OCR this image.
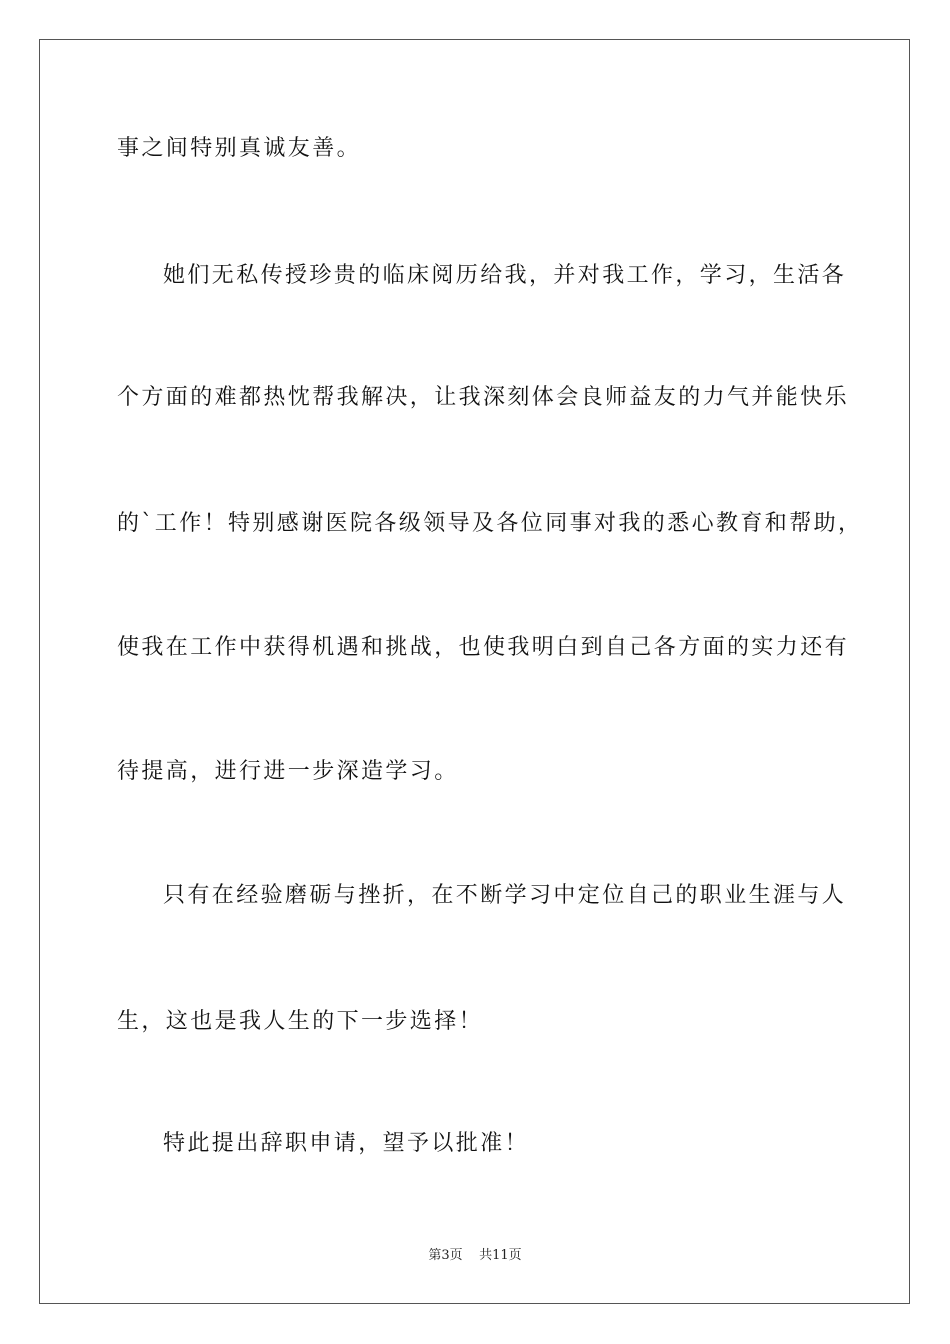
事之间特别真诚友善。
她们无私传授珍贵的临床阅历给我，并对我工作，学习，生活各
个方面的难都热忱帮我解决，让我深刻体会良师益友的力气并能快乐
的`工作！特别感谢医院各级领导及各位同事对我的悉心教育和帮助，
使我在工作中获得机遇和挑战，也使我明白到自己各方面的实力还有
待提高，进行进一步深造学习。
只有在经验磨砺与挫折，在不断学习中定位自己的职业生涯与人
生，这也是我人生的下一步选择！
特此提出辞职申请，望予以批准！
第3页    共11页
